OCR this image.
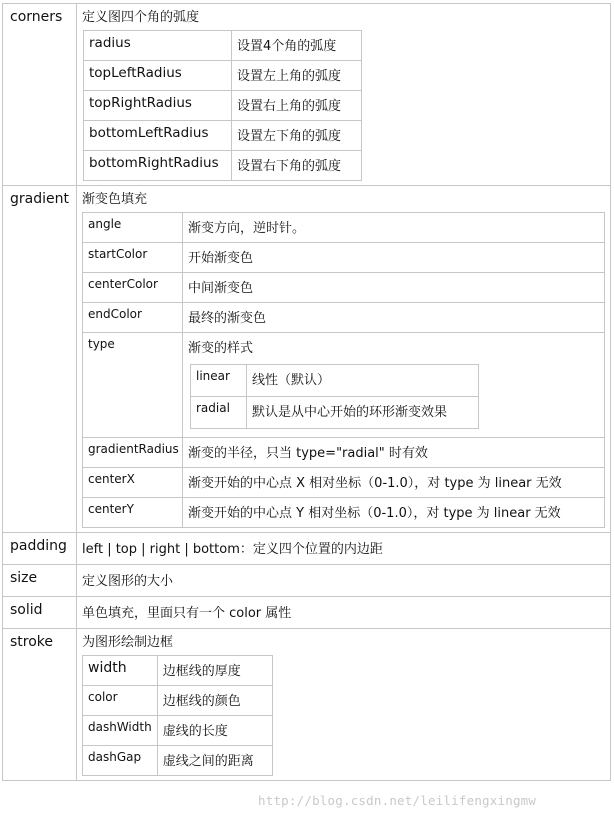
corners	定义图四个角的弧度
radius	设置4个角的弧度
topLeftRadius	设置左上角的弧度
topRightRadius	设置右上角的弧度
bottomLeftRadius	设置左下角的弧度
bottomRightRadius	设置右下角的弧度

gradient	渐变色填充
angle	渐变方向，逆时针。
startColor	开始渐变色
centerColor	中间渐变色
endColor	最终的渐变色
type	渐变的样式
linear	线性（默认）
radial	默认是从中心开始的环形渐变效果

gradientRadius	渐变的半径，只当 type="radial" 时有效
centerX	渐变开始的中心点 X 相对坐标（0-1.0），对 type 为 linear 无效
centerY	渐变开始的中心点 Y 相对坐标（0-1.0），对 type 为 linear 无效

padding	left | top | right | bottom：定义四个位置的内边距
size	定义图形的大小
solid	单色填充，里面只有一个 color 属性
stroke	为图形绘制边框
width	边框线的厚度
color	边框线的颜色
dashWidth	虚线的长度
dashGap	虚线之间的距离
http://blog.csdn.net/leilifengxingmw
